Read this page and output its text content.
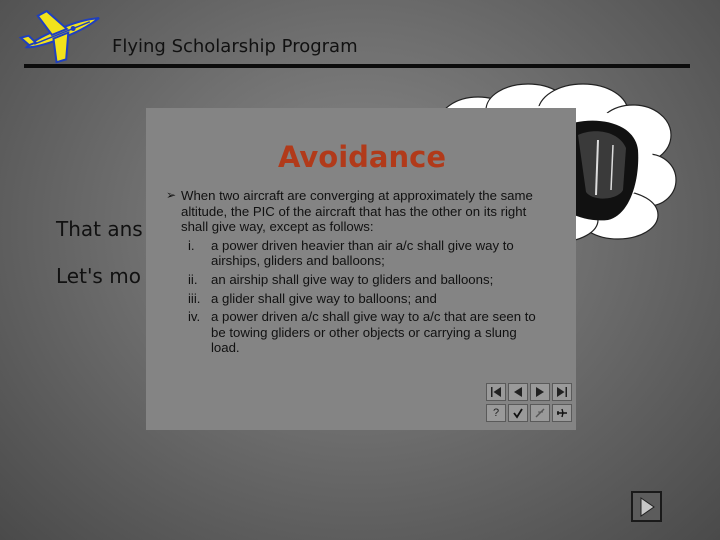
Flying Scholarship Program
That ans
Let's mo
Avoidance
➢ When two aircraft are converging at approximately the same altitude, the PIC of the aircraft that has the other on its right shall give way, except as follows:
i. a power driven heavier than air a/c shall give way to airships, gliders and balloons;
ii. an airship shall give way to gliders and balloons;
iii. a glider shall give way to balloons; and
iv. a power driven a/c shall give way to a/c that are seen to be towing gliders or other objects or carrying a slung load.
?
